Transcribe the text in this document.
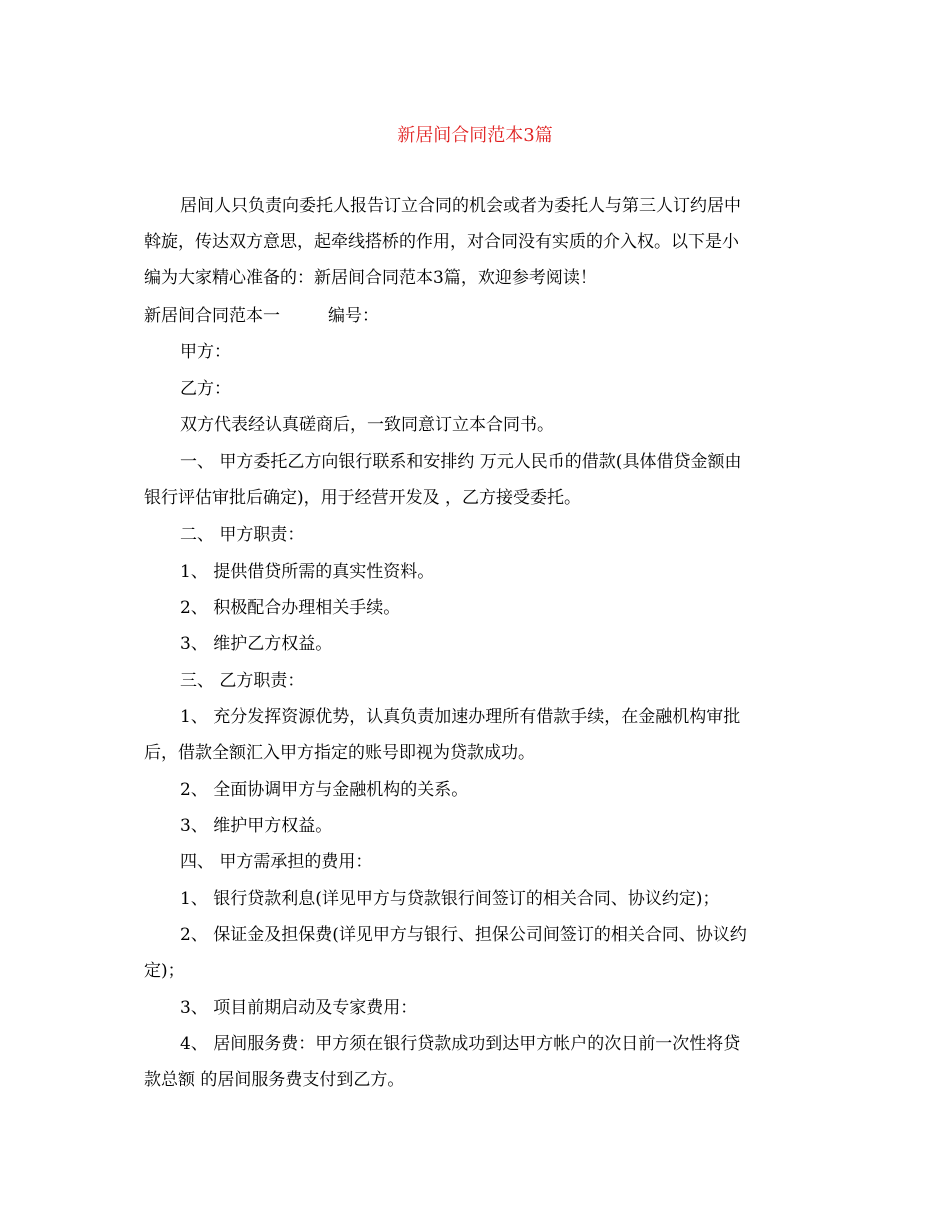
新居间合同范本3篇
居间人只负责向委托人报告订立合同的机会或者为委托人与第三人订约居中
斡旋，传达双方意思，起牵线搭桥的作用，对合同没有实质的介入权。以下是小
编为大家精心准备的：新居间合同范本3篇，欢迎参考阅读！
新居间合同范本一	编号：
甲方：
乙方：
双方代表经认真磋商后，一致同意订立本合同书。
一、 甲方委托乙方向银行联系和安排约 万元人民币的借款(具体借贷金额由
银行评估审批后确定)，用于经营开发及 ，乙方接受委托。
二、 甲方职责：
1、 提供借贷所需的真实性资料。
2、 积极配合办理相关手续。
3、 维护乙方权益。
三、 乙方职责：
1、 充分发挥资源优势，认真负责加速办理所有借款手续，在金融机构审批
后，借款全额汇入甲方指定的账号即视为贷款成功。
2、 全面协调甲方与金融机构的关系。
3、 维护甲方权益。
四、 甲方需承担的费用：
1、 银行贷款利息(详见甲方与贷款银行间签订的相关合同、协议约定)；
2、 保证金及担保费(详见甲方与银行、担保公司间签订的相关合同、协议约
定)；
3、 项目前期启动及专家费用：
4、 居间服务费：甲方须在银行贷款成功到达甲方帐户的次日前一次性将贷
款总额 的居间服务费支付到乙方。
